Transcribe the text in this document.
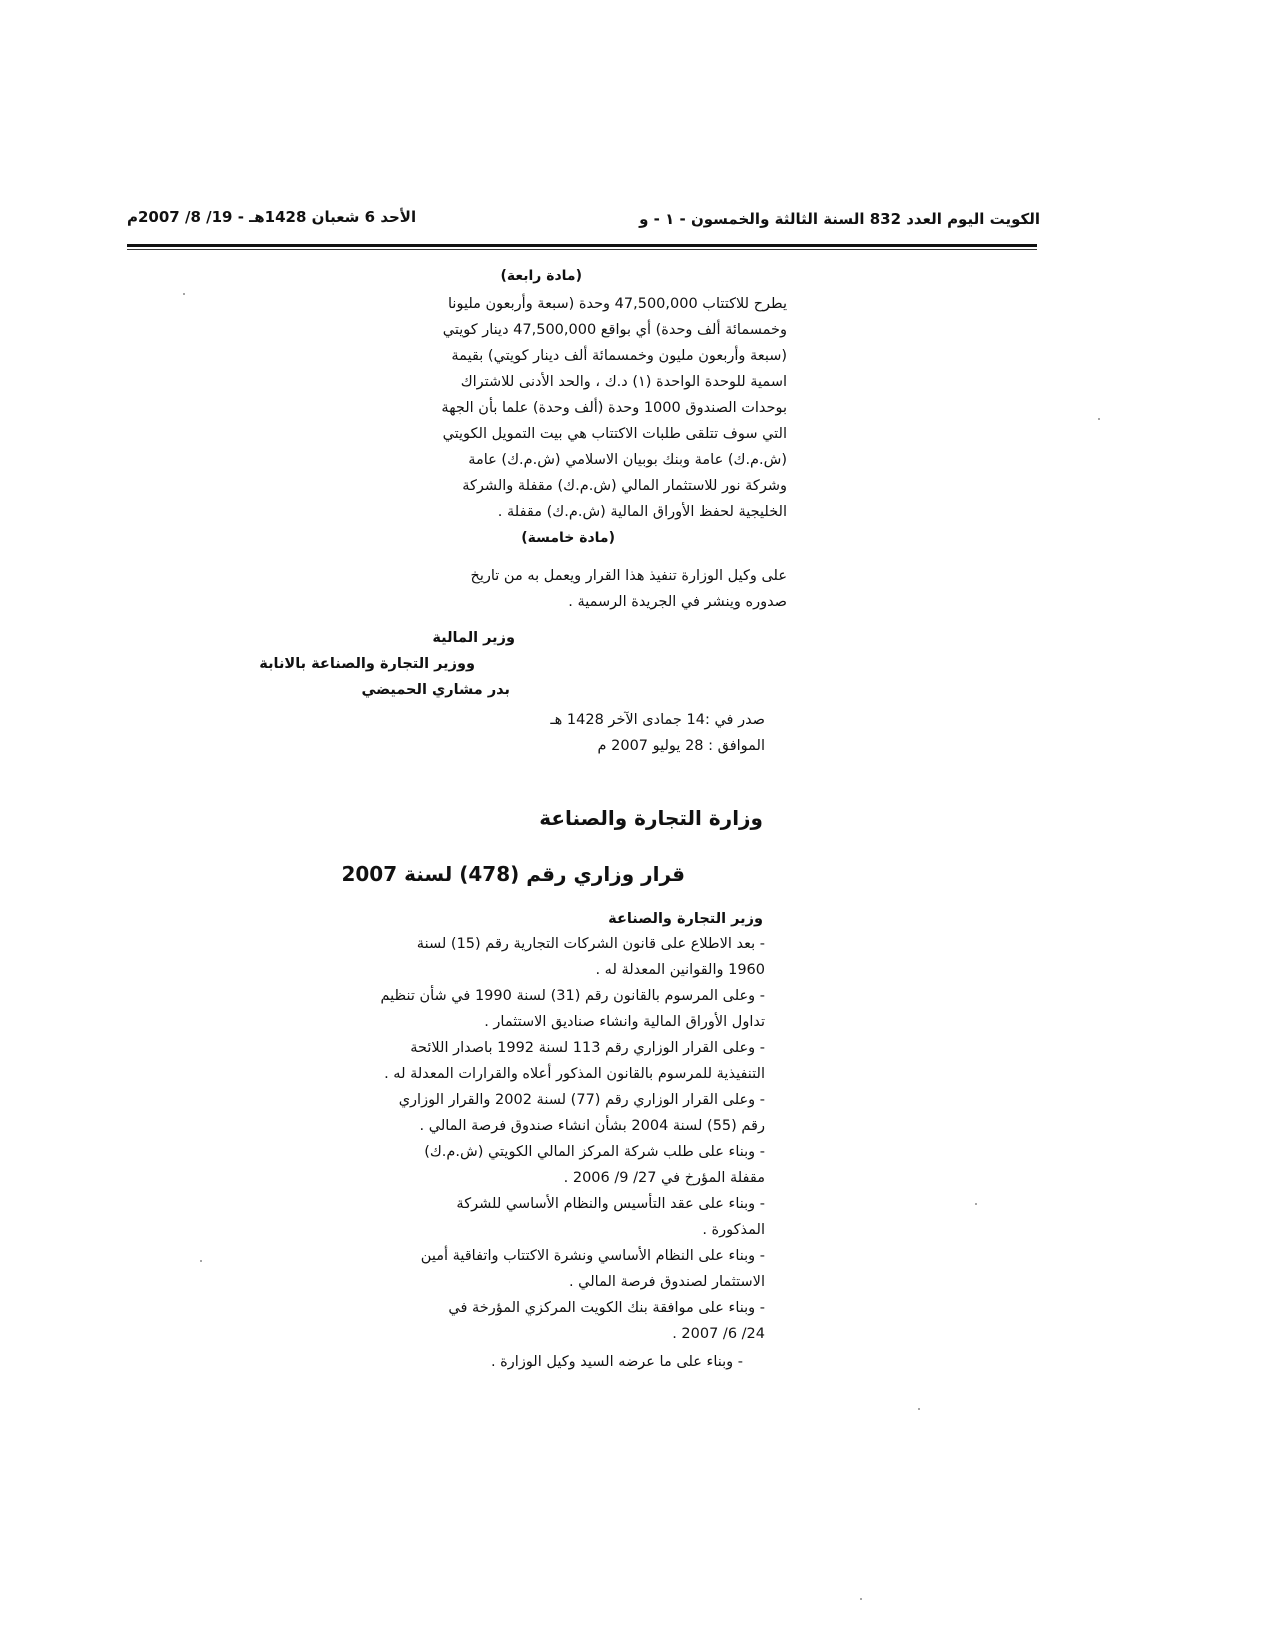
الكويت اليوم العدد 832 السنة الثالثة والخمسون - ١ - و
الأحد 6 شعبان 1428هـ - 19/ 8/ 2007م
(مادة رابعة)
يطرح للاكتتاب 47,500,000 وحدة (سبعة وأربعون مليونا
وخمسمائة ألف وحدة) أي بواقع 47,500,000 دينار كويتي
(سبعة وأربعون مليون وخمسمائة ألف دينار كويتي) بقيمة
اسمية للوحدة الواحدة (١) د.ك ، والحد الأدنى للاشتراك
بوحدات الصندوق 1000 وحدة (ألف وحدة) علما بأن الجهة
التي سوف تتلقى طلبات الاكتتاب هي بيت التمويل الكويتي
(ش.م.ك) عامة وبنك بوبيان الاسلامي (ش.م.ك) عامة
وشركة نور للاستثمار المالي (ش.م.ك) مقفلة والشركة
الخليجية لحفظ الأوراق المالية (ش.م.ك) مقفلة .
(مادة خامسة)
على وكيل الوزارة تنفيذ هذا القرار ويعمل به من تاريخ
صدوره وينشر في الجريدة الرسمية .
وزير المالية
ووزير التجارة والصناعة بالانابة
بدر مشاري الحميضي
صدر في :14 جمادى الآخر 1428 هـ
الموافق : 28 يوليو 2007 م
وزارة التجارة والصناعة
قرار وزاري رقم (478) لسنة 2007
وزير التجارة والصناعة
- بعد الاطلاع على قانون الشركات التجارية رقم (15) لسنة
1960 والقوانين المعدلة له .
- وعلى المرسوم بالقانون رقم (31) لسنة 1990 في شأن تنظيم
تداول الأوراق المالية وانشاء صناديق الاستثمار .
- وعلى القرار الوزاري رقم 113 لسنة 1992 باصدار اللائحة
التنفيذية للمرسوم بالقانون المذكور أعلاه والقرارات المعدلة له .
- وعلى القرار الوزاري رقم (77) لسنة 2002 والقرار الوزاري
رقم (55) لسنة 2004 بشأن انشاء صندوق فرصة المالي .
- وبناء على طلب شركة المركز المالي الكويتي (ش.م.ك)
مقفلة المؤرخ في 27/ 9/ 2006 .
- وبناء على عقد التأسيس والنظام الأساسي للشركة
المذكورة .
- وبناء على النظام الأساسي ونشرة الاكتتاب واتفاقية أمين
الاستثمار لصندوق فرصة المالي .
- وبناء على موافقة بنك الكويت المركزي المؤرخة في
24/ 6/ 2007 .
- وبناء على ما عرضه السيد وكيل الوزارة .
